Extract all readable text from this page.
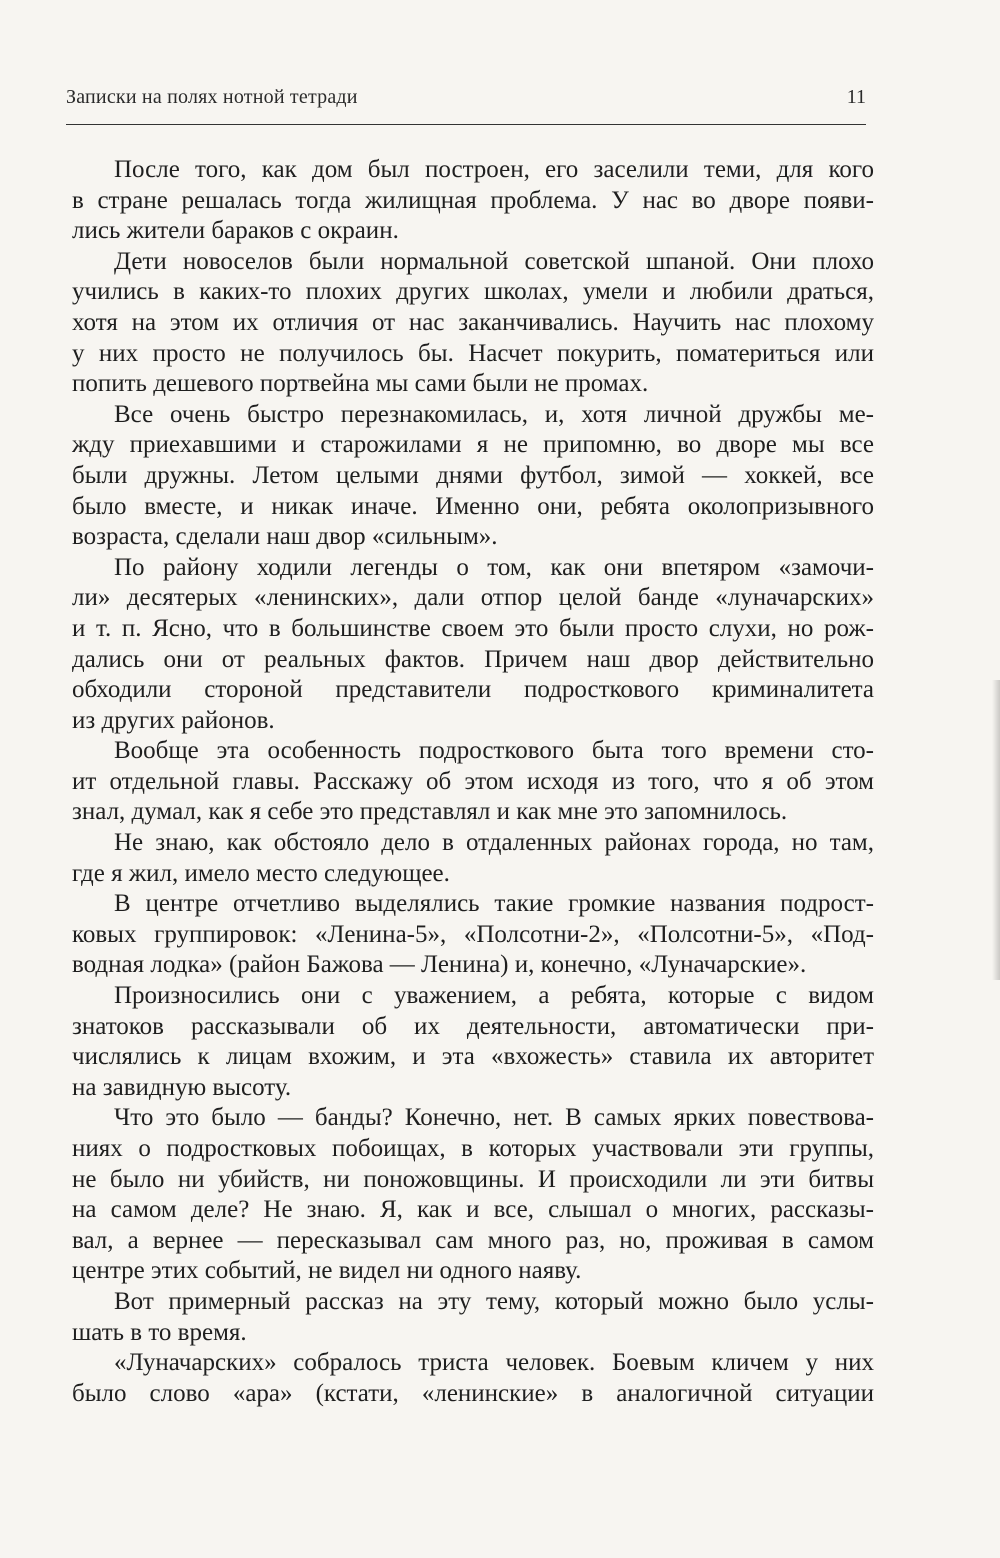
Записки на полях нотной тетради	11

После того, как дом был построен, его заселили теми, для кого
в стране решалась тогда жилищная проблема. У нас во дворе появи-
лись жители бараков с окраин.

Дети новоселов были нормальной советской шпаной. Они плохо
учились в каких-то плохих других школах, умели и любили драться,
хотя на этом их отличия от нас заканчивались. Научить нас плохому
у них просто не получилось бы. Насчет покурить, поматериться или
попить дешевого портвейна мы сами были не промах.

Все очень быстро перезнакомилась, и, хотя личной дружбы ме-
жду приехавшими и старожилами я не припомню, во дворе мы все
были дружны. Летом целыми днями футбол, зимой — хоккей, все
было вместе, и никак иначе. Именно они, ребята околопризывного
возраста, сделали наш двор «сильным».

По району ходили легенды о том, как они впетяром «замочи-
ли» десятерых «ленинских», дали отпор целой банде «луначарских»
и т. п. Ясно, что в большинстве своем это были просто слухи, но рож-
дались они от реальных фактов. Причем наш двор действительно
обходили стороной представители подросткового криминалитета
из других районов.

Вообще эта особенность подросткового быта того времени сто-
ит отдельной главы. Расскажу об этом исходя из того, что я об этом
знал, думал, как я себе это представлял и как мне это запомнилось.

Не знаю, как обстояло дело в отдаленных районах города, но там,
где я жил, имело место следующее.

В центре отчетливо выделялись такие громкие названия подрост-
ковых группировок: «Ленина-5», «Полсотни-2», «Полсотни-5», «Под-
водная лодка» (район Бажова — Ленина) и, конечно, «Луначарские».

Произносились они с уважением, а ребята, которые с видом
знатоков рассказывали об их деятельности, автоматически при-
числялись к лицам вхожим, и эта «вхожесть» ставила их авторитет
на завидную высоту.

Что это было — банды? Конечно, нет. В самых ярких повествова-
ниях о подростковых побоищах, в которых участвовали эти группы,
не было ни убийств, ни поножовщины. И происходили ли эти битвы
на самом деле? Не знаю. Я, как и все, слышал о многих, рассказы-
вал, а вернее — пересказывал сам много раз, но, проживая в самом
центре этих событий, не видел ни одного наяву.

Вот примерный рассказ на эту тему, который можно было услы-
шать в то время.

«Луначарских» собралось триста человек. Боевым кличем у них
было слово «ара» (кстати, «ленинские» в аналогичной ситуации
